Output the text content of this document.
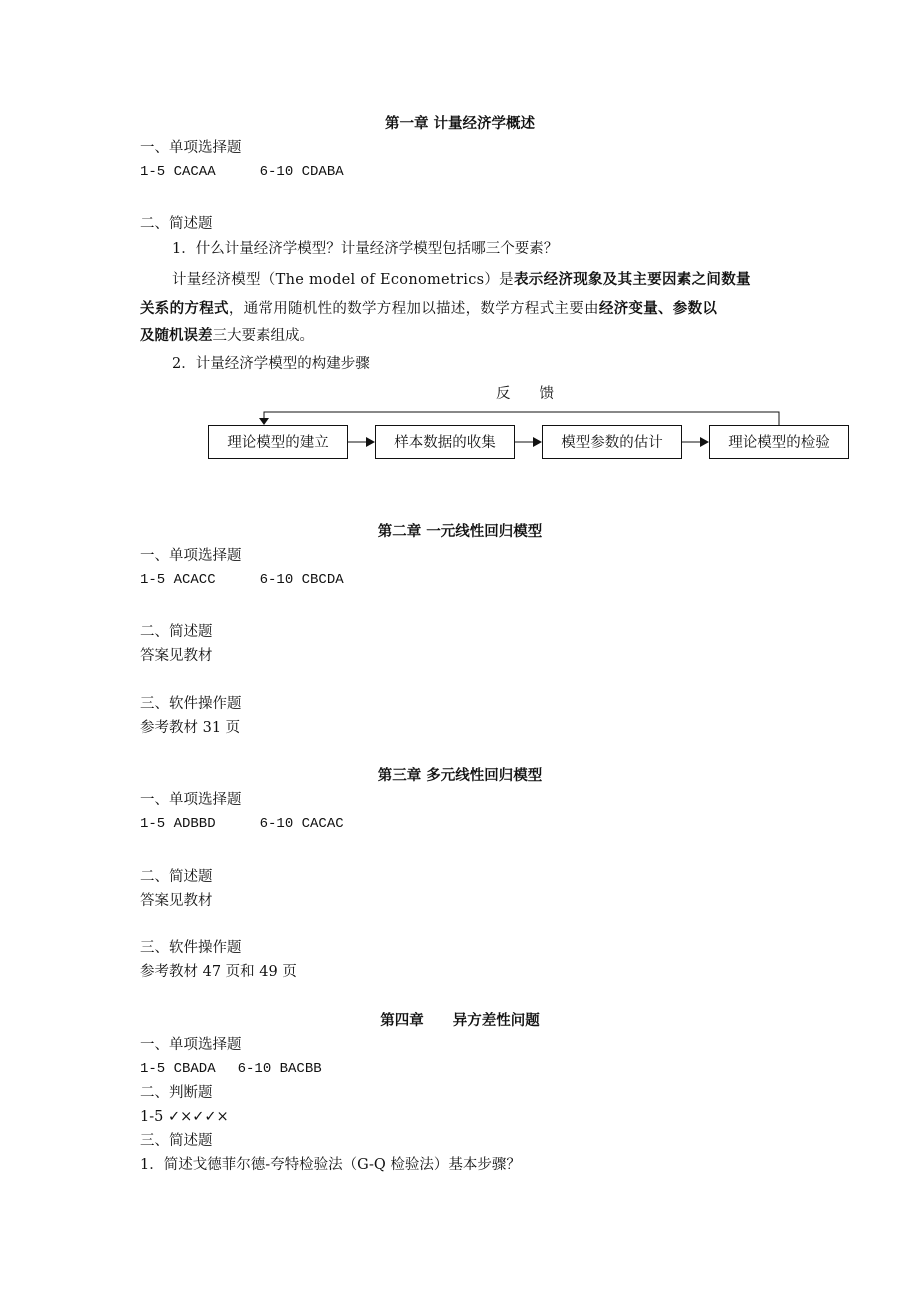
第一章 计量经济学概述
一、单项选择题
1-5 CACAA	6-10 CDABA
二、简述题
1．什么计量经济学模型？计量经济学模型包括哪三个要素？
计量经济模型（The model of Econometrics）是表示经济现象及其主要因素之间数量
关系的方程式，通常用随机性的数学方程加以描述，数学方程式主要由经济变量、参数以
及随机误差三大要素组成。
2．计量经济学模型的构建步骤
反　　馈
理论模型的建立	样本数据的收集	模型参数的估计	理论模型的检验
第二章 一元线性回归模型
一、单项选择题
1-5 ACACC	6-10 CBCDA
二、简述题
答案见教材
三、软件操作题
参考教材 31 页
第三章 多元线性回归模型
一、单项选择题
1-5 ADBBD	6-10 CACAC
二、简述题
答案见教材
三、软件操作题
参考教材 47 页和 49 页
第四章　　异方差性问题
一、单项选择题
1-5 CBADA 6-10 BACBB
二、判断题
1-5 ✓×✓✓×
三、简述题
1．简述戈德菲尔德-夸特检验法（G-Q 检验法）基本步骤？
